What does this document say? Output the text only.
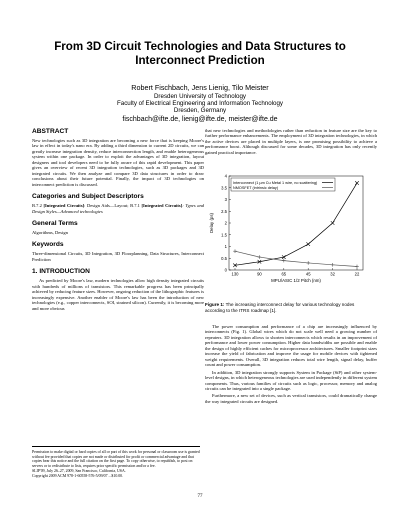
From 3D Circuit Technologies and Data Structures to Interconnect Prediction
Robert Fischbach, Jens Lienig, Tilo Meister
Dresden University of Technology
Faculty of Electrical Engineering and Information Technology
Dresden, Germany
fischbach@ifte.de, lienig@ifte.de, meister@ifte.de
ABSTRACT

New technologies such as 3D integration are becoming a new force that is keeping Moore's law in effect in today's nano era. By adding a third dimension to current 2D circuits, we can greatly increase integration density, reduce interconnection length, and enable heterogeneous system within one package. In order to exploit the advantages of 3D integration, layout designers and tool developers need to be fully aware of this rapid development. This paper gives an overview of recent 3D integration technologies, such as 3D packages and 3D integrated circuits. We then analyze and compare 3D data structures in order to draw conclusions about their future potential. Finally, the impact of 3D technologies on interconnect prediction is discussed.

Categories and Subject Descriptors

B.7.2 [Integrated Circuits]: Design Aids—Layout; B.7.1 [Integrated Circuits]: Types and Design Styles—Advanced technologies

General Terms

Algorithms, Design

Keywords

Three-dimensional Circuits, 3D Integration, 3D Floorplanning, Data Structures, Interconnect Prediction

1. INTRODUCTION

As predicted by Moore's law, modern technologies allow high density integrated circuits with hundreds of millions of transistors. This remarkable progress has been principally achieved by reducing feature sizes. However, ongoing reduction of the lithographic features is increasingly expensive. Another enabler of Moore's law has been the introduction of new technologies (e.g., copper interconnects, SOI, strained silicon). Currently, it is becoming more and more obvious

Permission to make digital or hard copies of all or part of this work for personal or classroom use is granted without fee provided that copies are not made or distributed for profit or commercial advantage and that copies bear this notice and the full citation on the first page. To copy otherwise, to republish, to post on servers or to redistribute to lists, requires prior specific permission and/or a fee.
SLIP'09, July 26–27, 2009, San Francisco, California, USA.
Copyright 2009 ACM 978-1-60558-576-5/09/07 ...$10.00.

that new technologies and methodologies rather than reduction in feature size are the key to further performance enhancements. The employment of 3D integration technologies, in which the active devices are placed in multiple layers, is one promising possibility to achieve a performance boost. Although discussed for some decades, 3D integration has only recently gained practical importance.

0
0.5
1
1.5
2
2.5
3
3.5
4
130	90	65	45	32	22
MPU/ASIC 1/2 Pitch (nm)
Delay (ps)
Interconnect (1 µm Cu Metal 1 wire, no scattering)
NMOSFET (intrinsic delay)
Figure 1: The increasing interconnect delay for various technology nodes according to the ITRS roadmap [1].

The power consumption and performance of a chip are increasingly influenced by interconnects (Fig. 1). Global wires which do not scale well need a growing number of repeaters. 3D integration allows to shorten interconnects which results in an improvement of performance and lower power consumption. Higher data bandwidths are possible and enable the design of highly efficient caches for microprocessor architectures. Smaller footprint sizes increase the yield of fabrication and improve the usage for mobile devices with tightened weight requirements. Overall, 3D integration reduces total wire length, signal delay, buffer count and power consumption.

In addition, 3D integration strongly supports System in Package (SiP) and other system-level designs, in which heterogeneous technologies are used independently in different system components. Thus, various families of circuits such as logic, processor, memory and analog circuits can be integrated into a single package.

Furthermore, a new set of devices, such as vertical transistors, could dramatically change the way integrated circuits are designed.

77
